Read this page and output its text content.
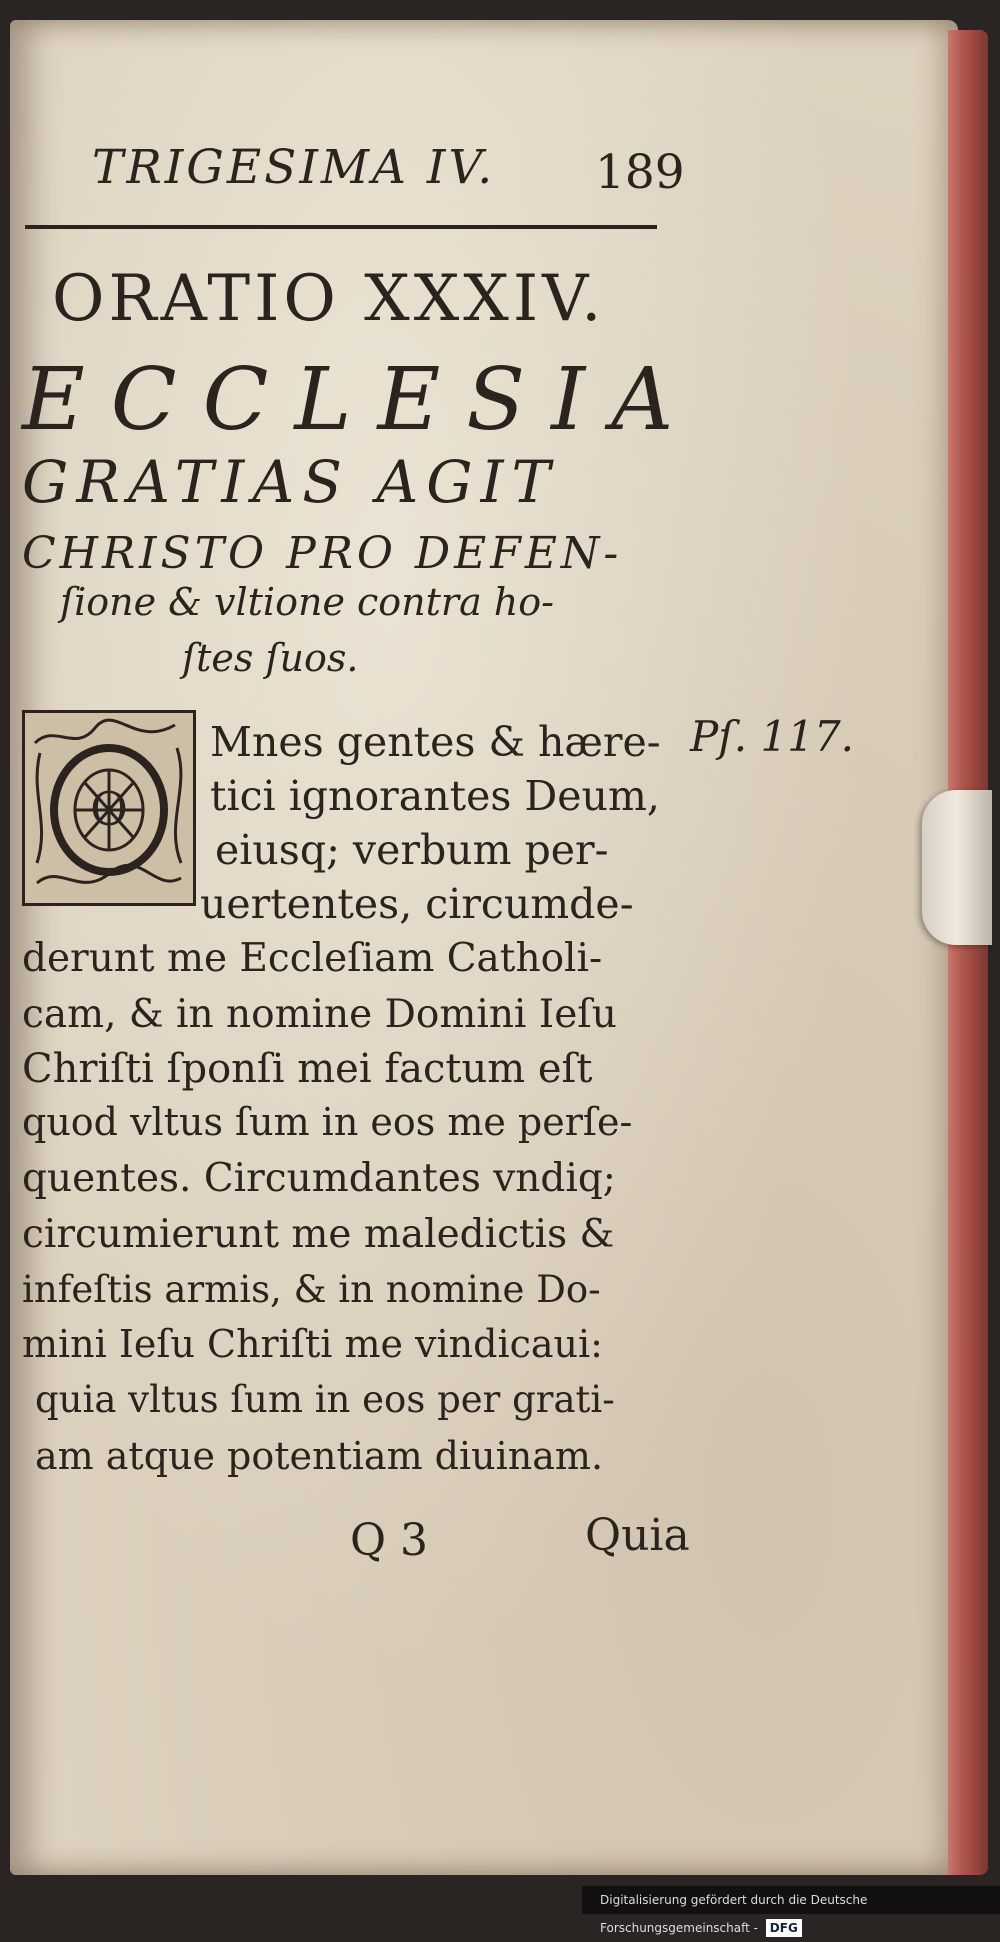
TRIGESIMA IV. 189
ORATIO XXXIV.
ECCLESIA
GRATIAS AGIT
CHRISTO PRO DEFEN-
ſione & vltione contra ho-
ſtes ſuos.
O
Pſ. 117.
Mnes gentes & hære-
tici ignorantes Deum,
eiusq; verbum per-
uertentes, circumde-
derunt me Eccleſiam Catholi-
cam, & in nomine Domini Ieſu
Chriſti ſponſi mei factum eſt
quod vltus ſum in eos me perſe-
quentes. Circumdantes vndiq;
circumierunt me maledictis &
infeſtis armis, & in nomine Do-
mini Ieſu Chriſti me vindicaui:
quia vltus ſum in eos per grati-
am atque potentiam diuinam.
Q 3	Quia
Digitalisierung gefördert durch die Deutsche Forschungsgemeinschaft - DFG
